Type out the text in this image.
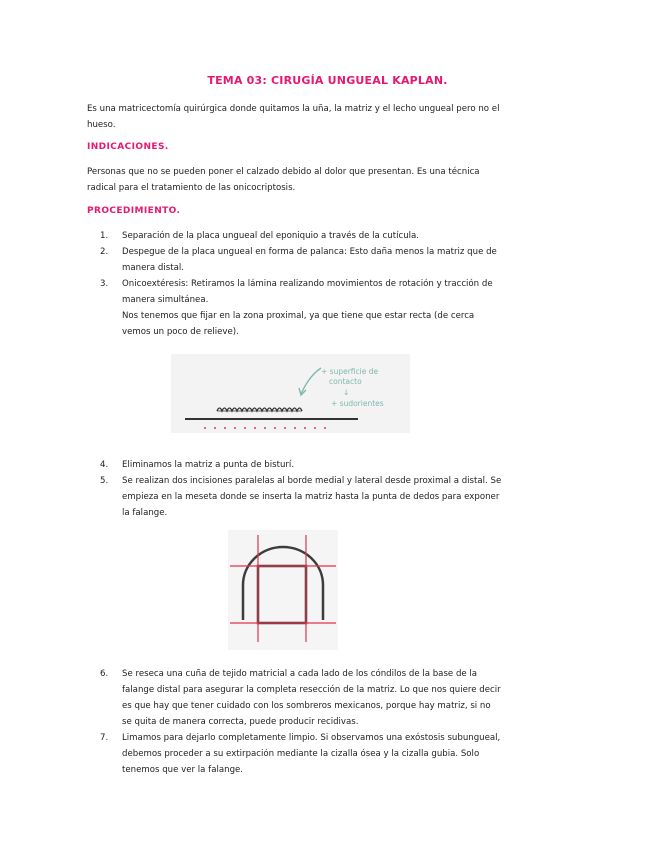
TEMA 03: CIRUGÍA UNGUEAL KAPLAN.
Es una matricectomía quirúrgica donde quitamos la uña, la matriz y el lecho ungueal pero no el
hueso.
INDICACIONES.
Personas que no se pueden poner el calzado debido al dolor que presentan. Es una técnica
radical para el tratamiento de las onicocriptosis.
PROCEDIMIENTO.
1.	Separación de la placa ungueal del eponiquio a través de la cutícula.
2.	Despegue de la placa ungueal en forma de palanca: Esto daña menos la matriz que de
manera distal.
3.	Onicoextéresis: Retiramos la lámina realizando movimientos de rotación y tracción de
manera simultánea.
Nos tenemos que fijar en la zona proximal, ya que tiene que estar recta (de cerca
vemos un poco de relieve).
+ superficie de
contacto
↓
+ sudorientes
4.	Eliminamos la matriz a punta de bisturí.
5.	Se realizan dos incisiones paralelas al borde medial y lateral desde proximal a distal. Se
empieza en la meseta donde se inserta la matriz hasta la punta de dedos para exponer
la falange.
6.	Se reseca una cuña de tejido matricial a cada lado de los cóndilos de la base de la
falange distal para asegurar la completa resección de la matriz. Lo que nos quiere decir
es que hay que tener cuidado con los sombreros mexicanos, porque hay matriz, si no
se quita de manera correcta, puede producir recidivas.
7.	Limamos para dejarlo completamente limpio. Si observamos una exóstosis subungueal,
debemos proceder a su extirpación mediante la cizalla ósea y la cizalla gubia. Solo
tenemos que ver la falange.
